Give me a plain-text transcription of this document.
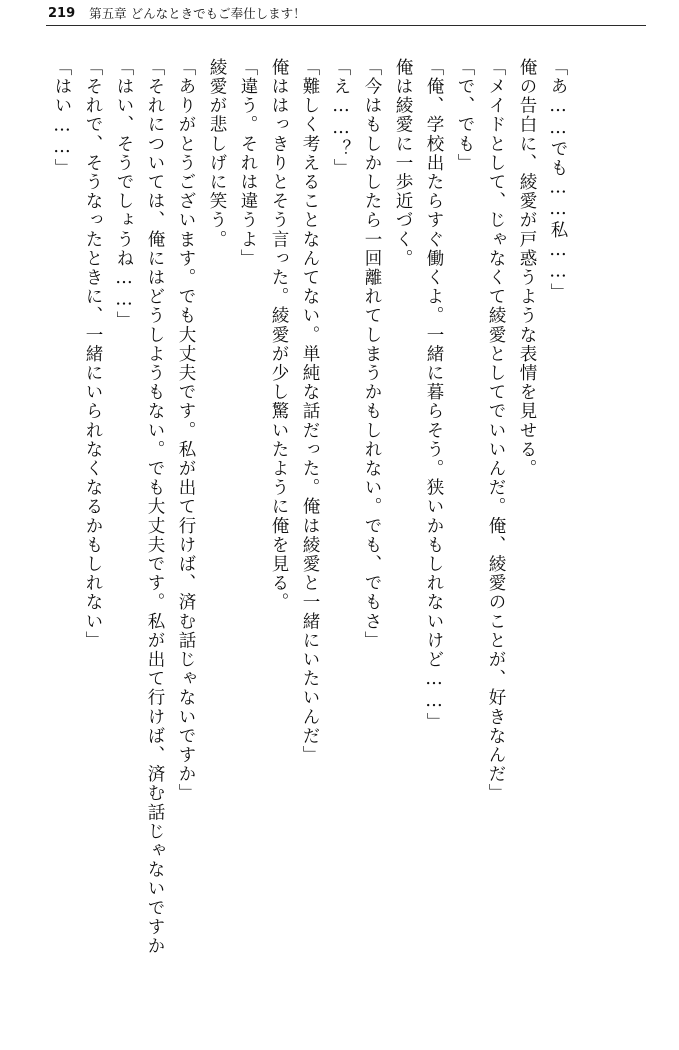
219 第五章 どんなときでもご奉仕します！
「はい……」 「それで、そうなったときに、一緒にいられなくなるかもしれない」 「はい、そうでしょうね……」 「それについては、俺にはどうしようもない。でも大丈夫です。私が出て行けば、済む話じゃないですか 「ありがとうございます。でも大丈夫です。私が出て行けば、済む話じゃないですか」 綾愛が悲しげに笑う。 「違う。それは違うよ」 俺ははっきりとそう言った。綾愛が少し驚いたように俺を見る。 「難しく考えることなんてない。単純な話だった。俺は綾愛と一緒にいたいんだ」 「え……？」 「今はもしかしたら一回離れてしまうかもしれない。でも、でもさ」 俺は綾愛に一歩近づく。 「俺、学校出たらすぐ働くよ。一緒に暮らそう。狭いかもしれないけど……」 「で、でも」 「メイドとして、じゃなくて綾愛としてでいいんだ。俺、綾愛のことが、好きなんだ」 俺の告白に、綾愛が戸惑うような表情を見せる。 「あ……でも……私……」
